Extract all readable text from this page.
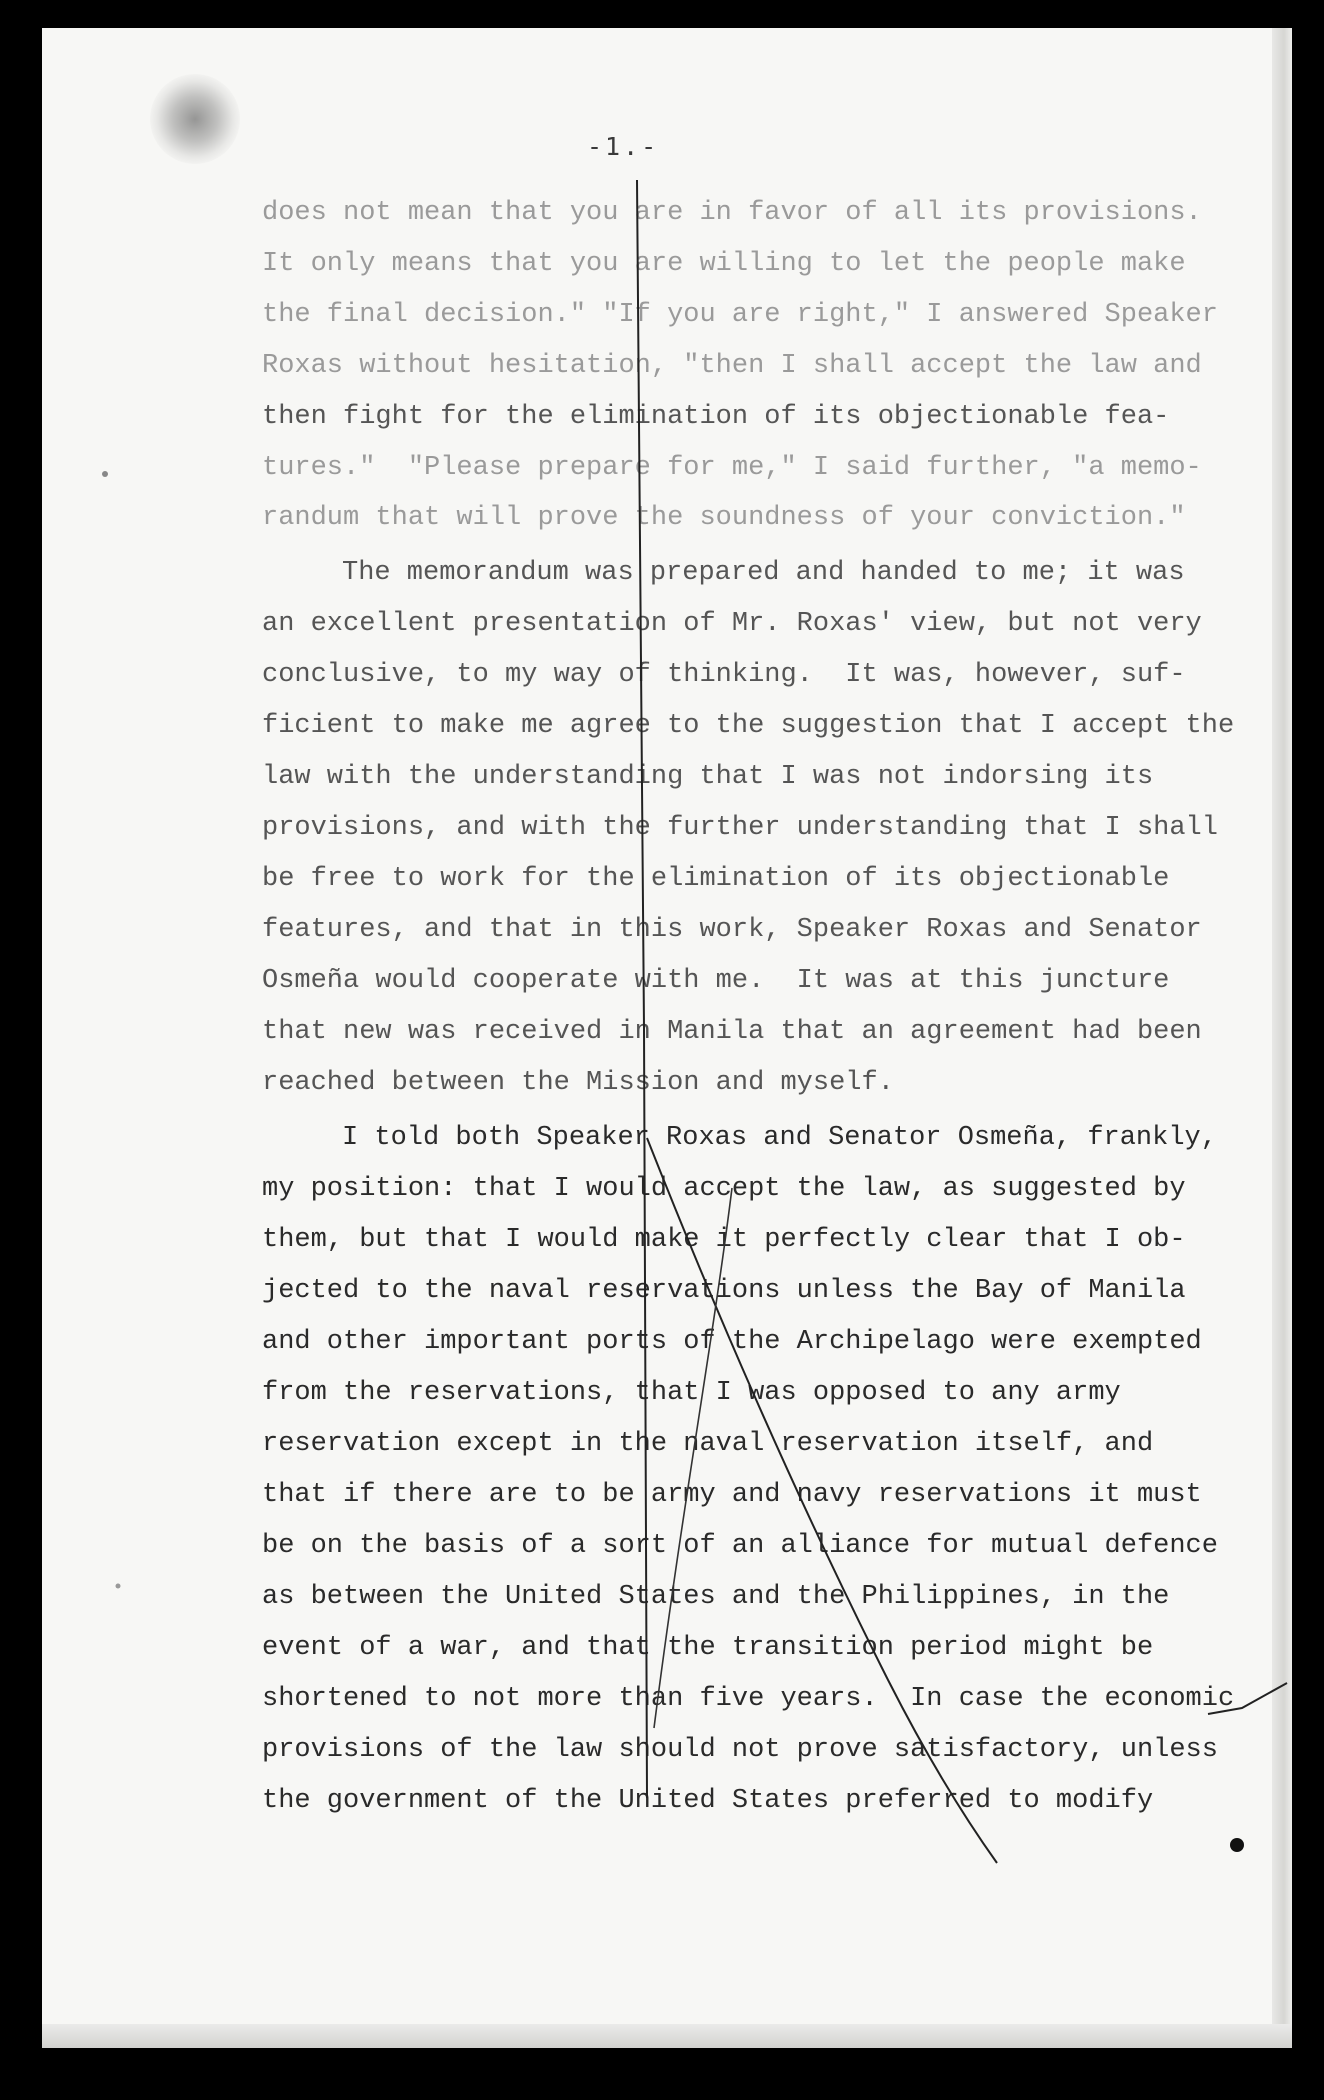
-1.-
does not mean that you are in favor of all its provisions.
It only means that you are willing to let the people make
the final decision." "If you are right," I answered Speaker
Roxas without hesitation, "then I shall accept the law and
then fight for the elimination of its objectionable fea-
tures."  "Please prepare for me," I said further, "a memo-
randum that will prove the soundness of your conviction."
The memorandum was prepared and handed to me; it was
an excellent presentation of Mr. Roxas' view, but not very
conclusive, to my way of thinking.  It was, however, suf-
ficient to make me agree to the suggestion that I accept the
law with the understanding that I was not indorsing its
provisions, and with the further understanding that I shall
be free to work for the elimination of its objectionable
features, and that in this work, Speaker Roxas and Senator
Osmeña would cooperate with me.  It was at this juncture
that new was received in Manila that an agreement had been
reached between the Mission and myself.
I told both Speaker Roxas and Senator Osmeña, frankly,
my position: that I would accept the law, as suggested by
them, but that I would make it perfectly clear that I ob-
jected to the naval reservations unless the Bay of Manila
and other important ports of the Archipelago were exempted
from the reservations, that I was opposed to any army
reservation except in the naval reservation itself, and
that if there are to be army and navy reservations it must
be on the basis of a sort of an alliance for mutual defence
as between the United States and the Philippines, in the
event of a war, and that the transition period might be
shortened to not more than five years.  In case the economic
provisions of the law should not prove satisfactory, unless
the government of the United States preferred to modify
